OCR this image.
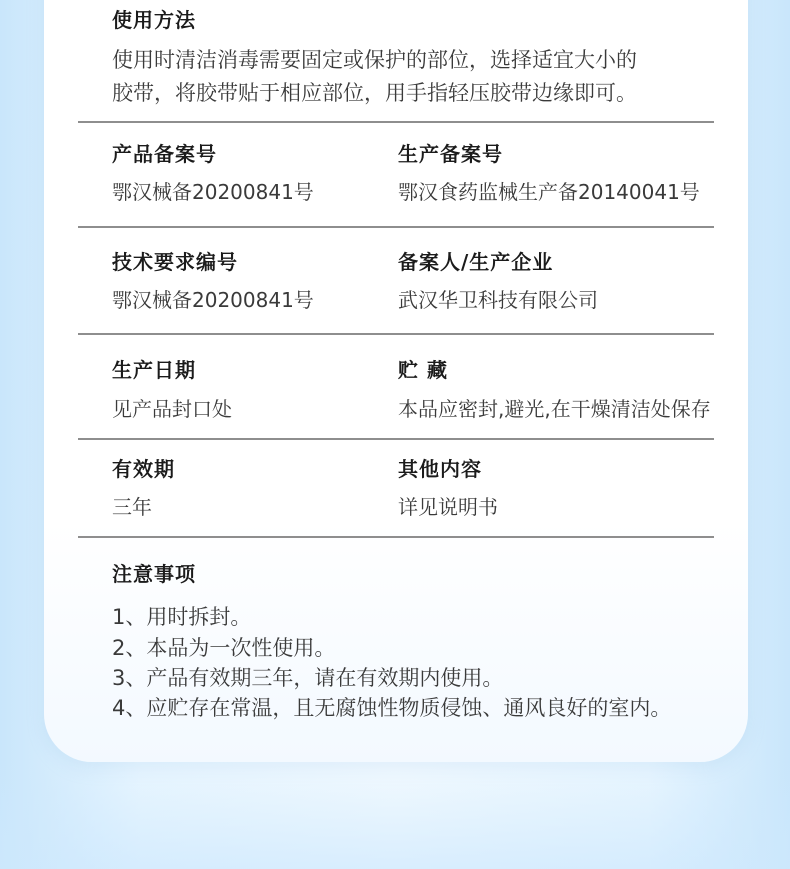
使用方法
使用时清洁消毒需要固定或保护的部位，选择适宜大小的
胶带，将胶带贴于相应部位，用手指轻压胶带边缘即可。
产品备案号
鄂汉械备20200841号
生产备案号
鄂汉食药监械生产备20140041号
技术要求编号
鄂汉械备20200841号
备案人/生产企业
武汉华卫科技有限公司
生产日期
见产品封口处
贮 藏
本品应密封,避光,在干燥清洁处保存
有效期
三年
其他内容
详见说明书
注意事项
1、用时拆封。
2、本品为一次性使用。
3、产品有效期三年，请在有效期内使用。
4、应贮存在常温，且无腐蚀性物质侵蚀、通风良好的室内。
